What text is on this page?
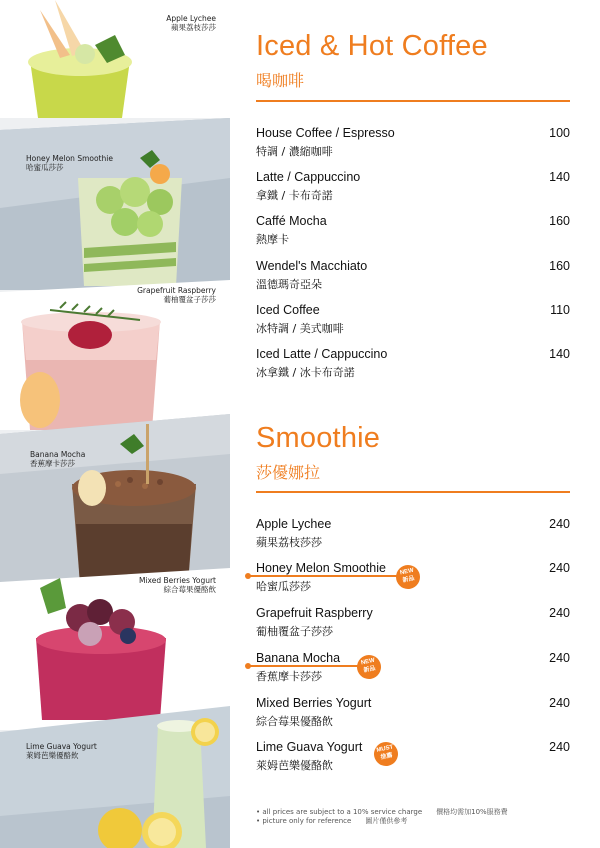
Apple Lychee
蘋果荔枝莎莎
Honey Melon Smoothie
哈蜜瓜莎莎
Grapefruit Raspberry
葡柚覆盆子莎莎
Banana Mocha
香蕉摩卡莎莎
Mixed Berries Yogurt
綜合莓果優酪飲
Lime Guava Yogurt
萊姆芭樂優酪飲
Iced & Hot Coffee
喝咖啡
House Coffee / Espresso
特調 / 濃縮咖啡
100
Latte / Cappuccino
拿鐵 / 卡布奇諾
140
Caffé Mocha
熱摩卡
160
Wendel's Macchiato
溫德瑪奇亞朵
160
Iced Coffee
冰特調 / 美式咖啡
110
Iced Latte / Cappuccino
冰拿鐵 / 冰卡布奇諾
140
Smoothie
莎優娜拉
Apple Lychee
蘋果荔枝莎莎
240
Honey Melon Smoothie
哈蜜瓜莎莎
240
NEW
新品
Grapefruit Raspberry
葡柚覆盆子莎莎
240
Banana Mocha
香蕉摩卡莎莎
240
NEW
新品
Mixed Berries Yogurt
綜合莓果優酪飲
240
Lime Guava Yogurt
萊姆芭樂優酪飲
240
MUST
推薦
• all prices are subject to a 10% service charge 價格均需加10%服務費
• picture only for reference 圖片僅供參考
